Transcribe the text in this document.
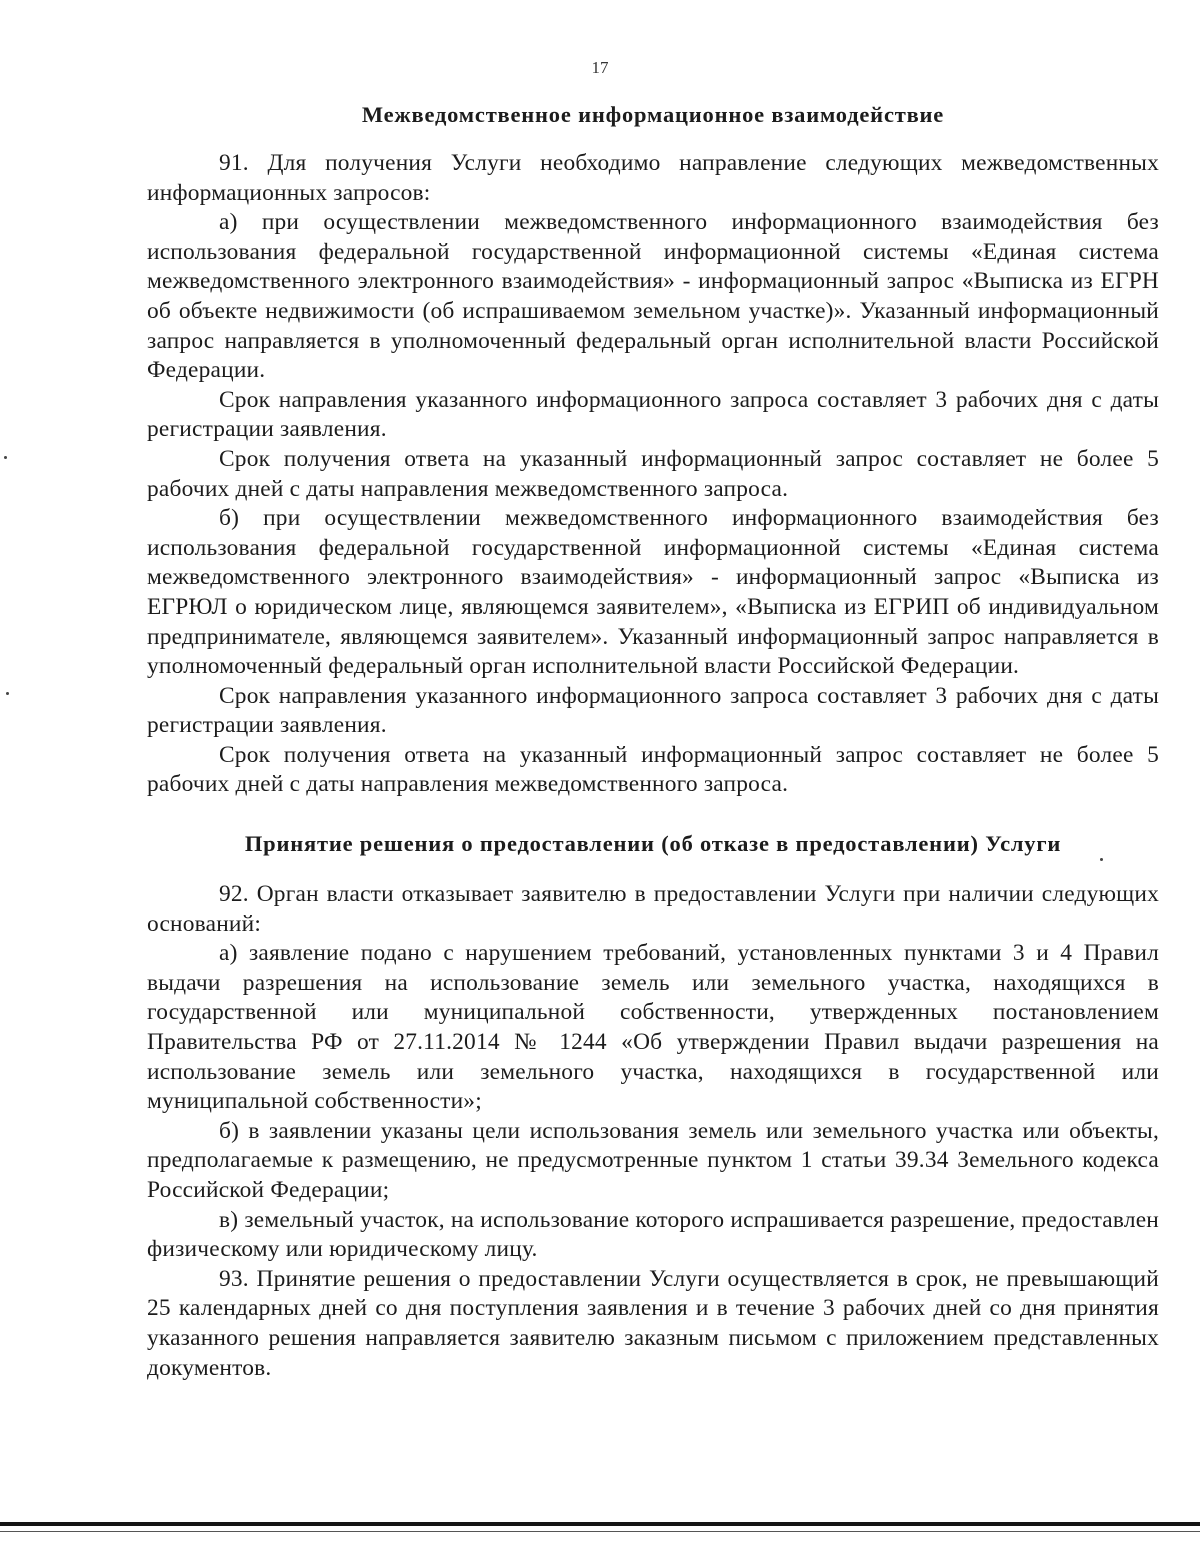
17
Межведомственное информационное взаимодействие

91. Для получения Услуги необходимо направление следующих межведомственных информационных запросов:

а) при осуществлении межведомственного информационного взаимодействия без использования федеральной государственной информационной системы «Единая система межведомственного электронного взаимодействия» - информационный запрос «Выписка из ЕГРН об объекте недвижимости (об испрашиваемом земельном участке)». Указанный информационный запрос направляется в уполномоченный федеральный орган исполнительной власти Российской Федерации.

Срок направления указанного информационного запроса составляет 3 рабочих дня с даты регистрации заявления.

Срок получения ответа на указанный информационный запрос составляет не более 5 рабочих дней с даты направления межведомственного запроса.

б) при осуществлении межведомственного информационного взаимодействия без использования федеральной государственной информационной системы «Единая система межведомственного электронного взаимодействия» - информационный запрос «Выписка из ЕГРЮЛ о юридическом лице, являющемся заявителем», «Выписка из ЕГРИП об индивидуальном предпринимателе, являющемся заявителем». Указанный информационный запрос направляется в уполномоченный федеральный орган исполнительной власти Российской Федерации.

Срок направления указанного информационного запроса составляет 3 рабочих дня с даты регистрации заявления.

Срок получения ответа на указанный информационный запрос составляет не более 5 рабочих дней с даты направления межведомственного запроса.

Принятие решения о предоставлении (об отказе в предоставлении) Услуги

92. Орган власти отказывает заявителю в предоставлении Услуги при наличии следующих оснований:

а) заявление подано с нарушением требований, установленных пунктами 3 и 4 Правил выдачи разрешения на использование земель или земельного участка, находящихся в государственной или муниципальной собственности, утвержденных постановлением Правительства РФ от 27.11.2014 № 1244 «Об утверждении Правил выдачи разрешения на использование земель или земельного участка, находящихся в государственной или муниципальной собственности»;

б) в заявлении указаны цели использования земель или земельного участка или объекты, предполагаемые к размещению, не предусмотренные пунктом 1 статьи 39.34 Земельного кодекса Российской Федерации;

в) земельный участок, на использование которого испрашивается разрешение, предоставлен физическому или юридическому лицу.

93. Принятие решения о предоставлении Услуги осуществляется в срок, не превышающий 25 календарных дней со дня поступления заявления и в течение 3 рабочих дней со дня принятия указанного решения направляется заявителю заказным письмом с приложением представленных документов.
